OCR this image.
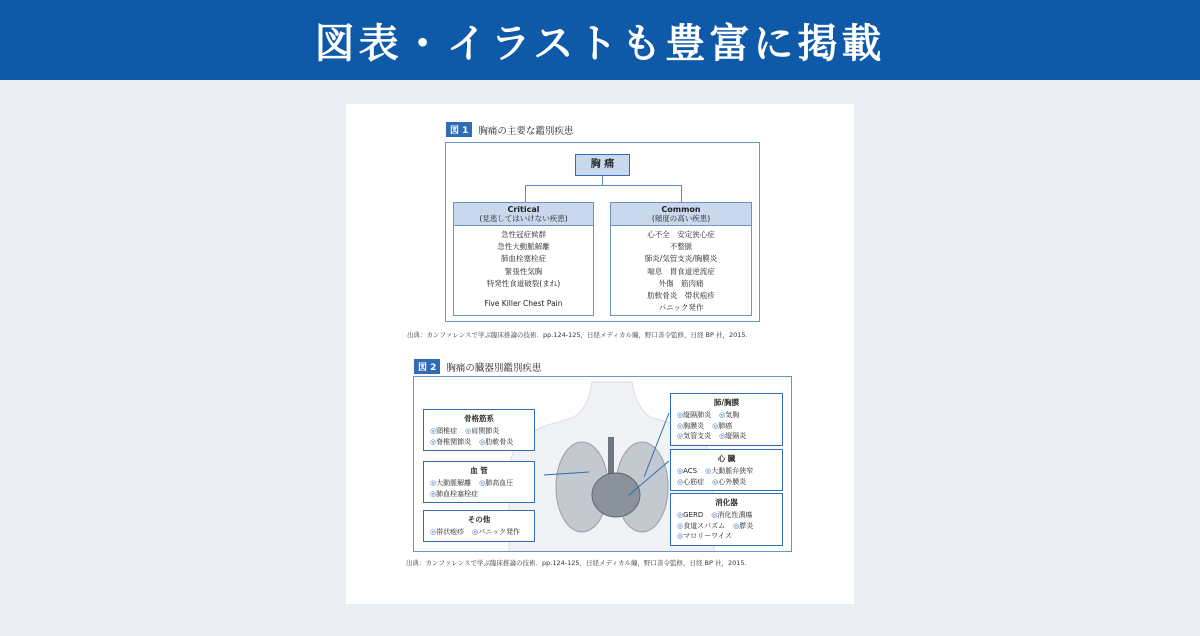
図表・イラストも豊富に掲載
図 1	胸痛の主要な鑑別疾患
胸 痛
Critical
(見逃してはいけない疾患)
急性冠症候群
急性大動脈解離
肺血栓塞栓症
緊張性気胸
特発性食道破裂(まれ)
Five Killer Chest Pain
Common
(頻度の高い疾患)
心不全　安定狭心症
不整脈
肺炎/気管支炎/胸膜炎
喘息　胃食道逆流症
外傷　筋肉痛
肋軟骨炎　帯状疱疹
パニック発作
出典：カンファレンスで学ぶ臨床推論の技術．pp.124-125，日経メディカル編，野口善令監修，日経 BP 社，2015.
図 2	胸痛の臓器別鑑別疾患
骨格筋系
◎頸椎症 ◎肩関節炎
◎脊椎関節炎 ◎肋軟骨炎
血 管
◎大動脈解離 ◎肺高血圧
◎肺血栓塞栓症
その他
◎帯状疱疹 ◎パニック発作
肺/胸膜
◎縦隔肺炎 ◎気胸
◎胸膜炎 ◎肺癌
◎気管支炎 ◎縦隔炎
心 臓
◎ACS ◎大動脈弁狭窄
◎心筋症 ◎心外膜炎
消化器
◎GERD ◎消化性潰瘍
◎食道スパズム ◎膵炎
◎マロリーワイス
出典：カンファレンスで学ぶ臨床推論の技術．pp.124-125，日経メディカル編，野口善令監修，日経 BP 社，2015.
